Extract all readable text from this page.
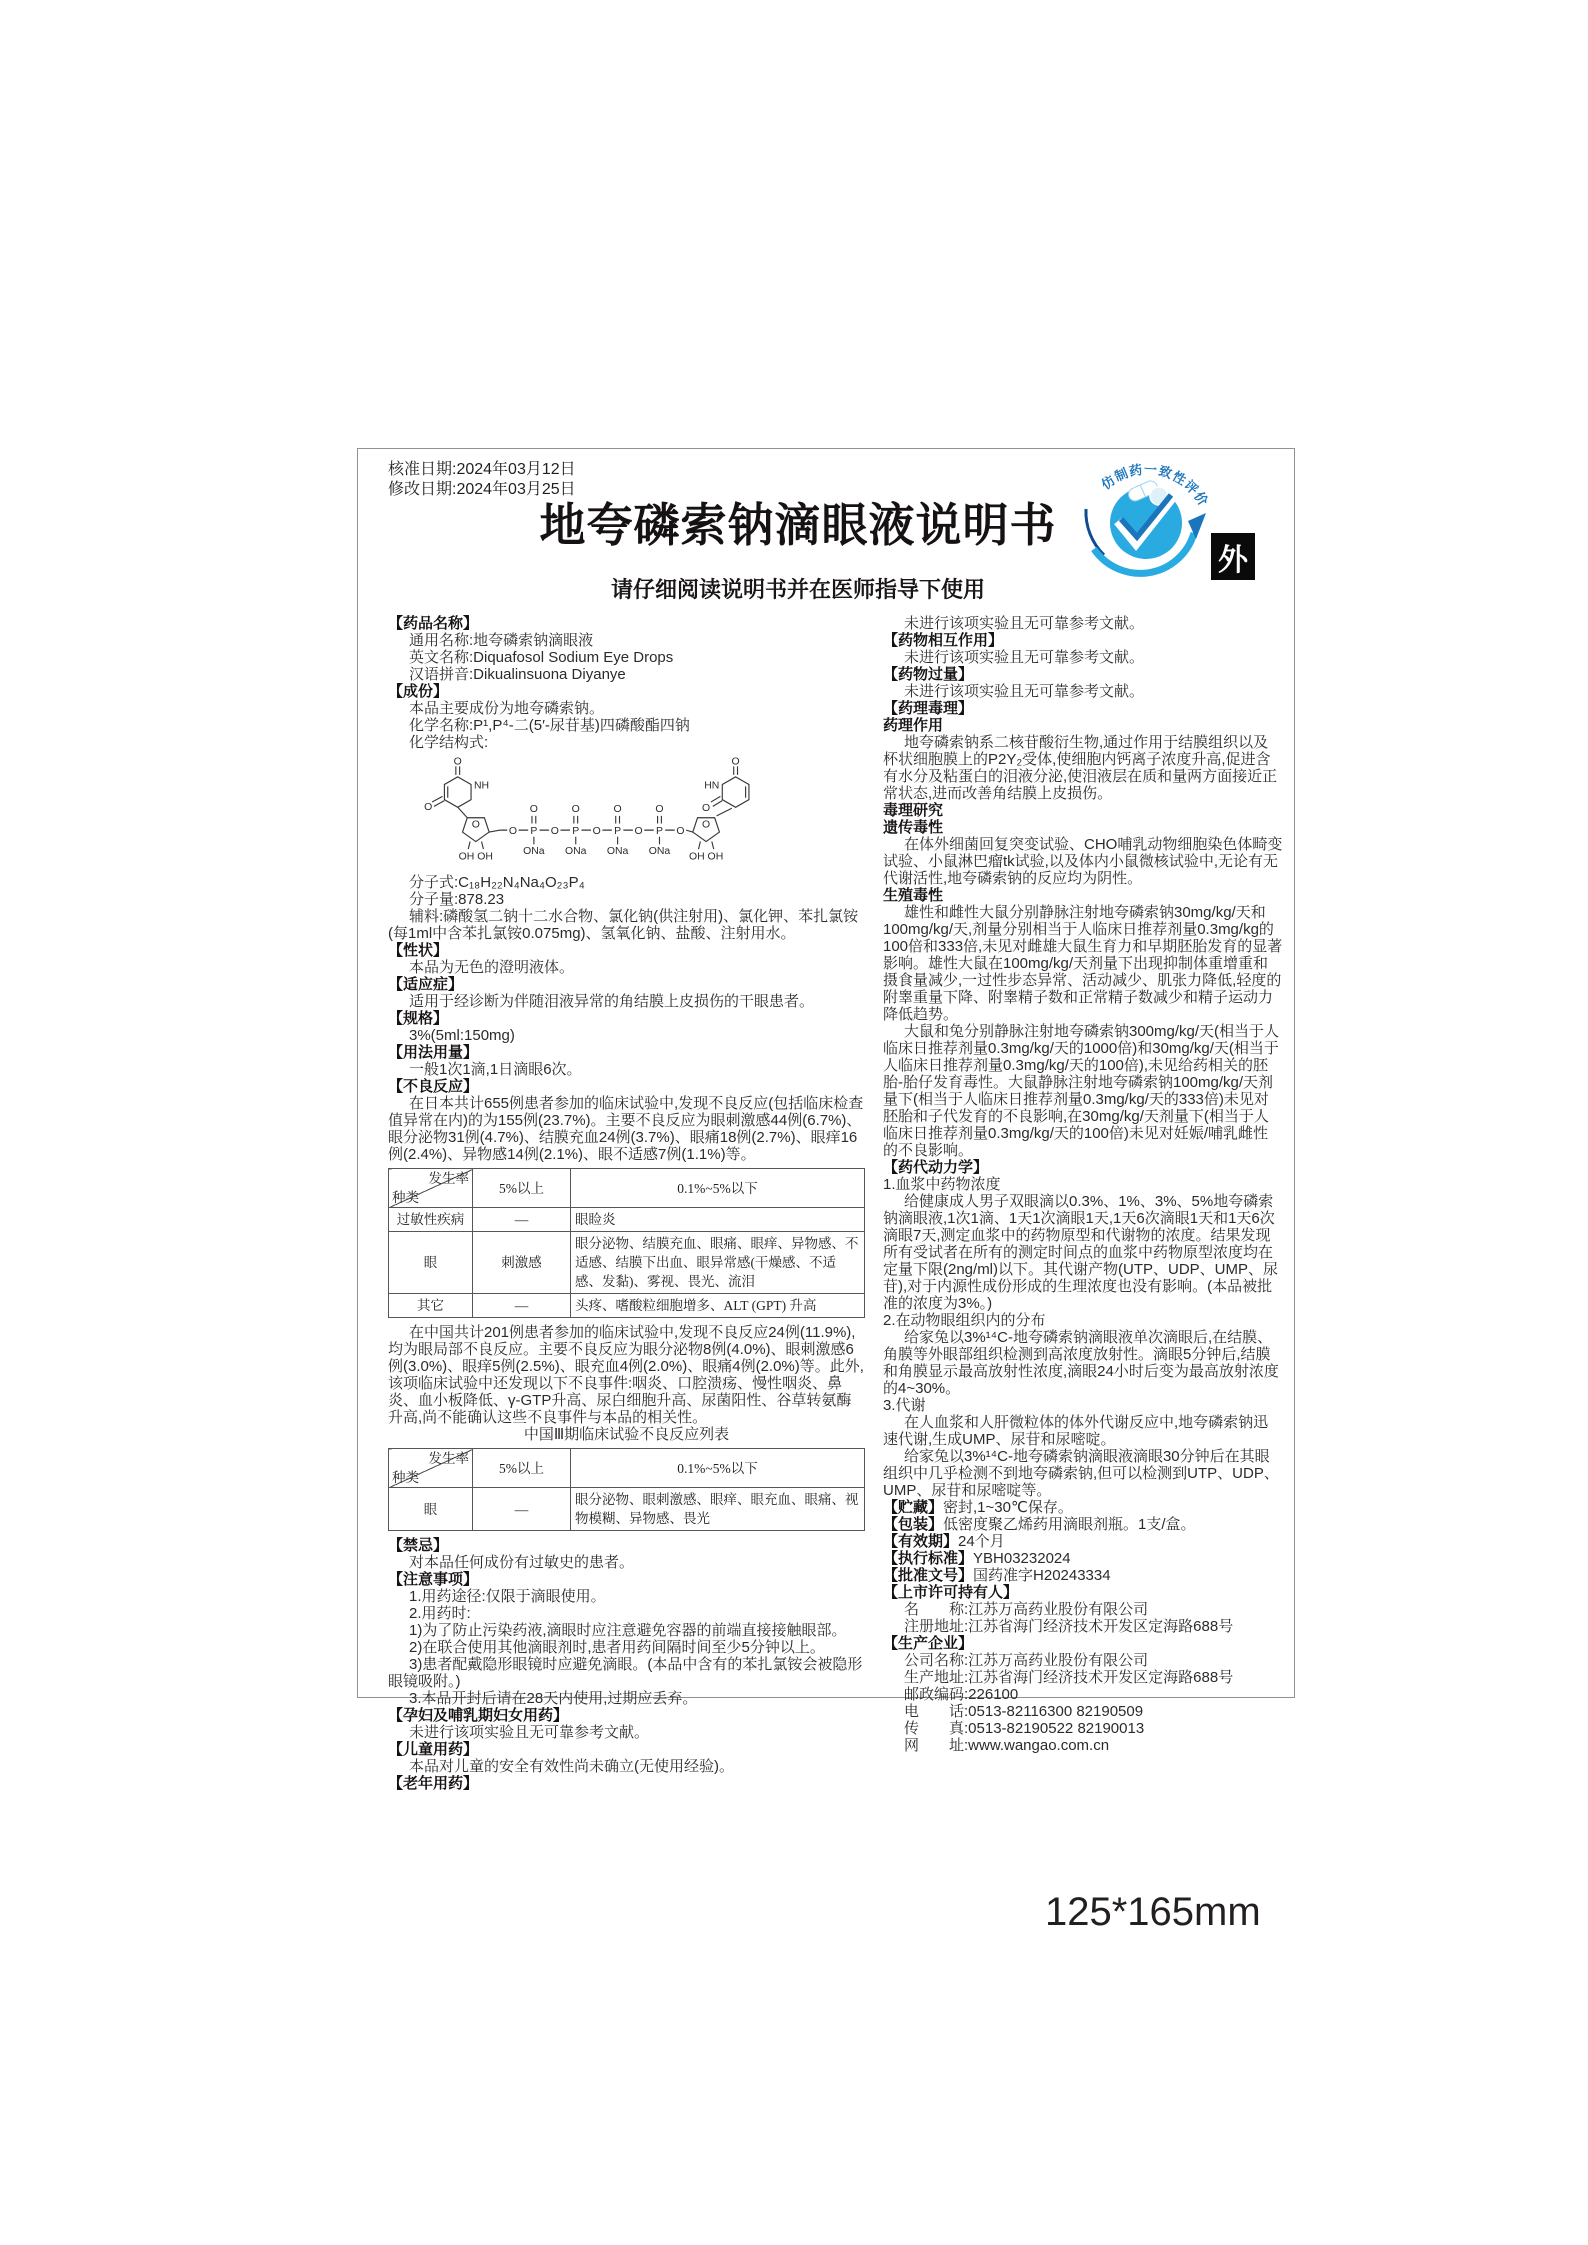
核准日期:2024年03月12日
修改日期:2024年03月25日
地夸磷索钠滴眼液说明书
请仔细阅读说明书并在医师指导下使用
仿制药一致性评价
外
【药品名称】

通用名称:地夸磷索钠滴眼液

英文名称:Diquafosol Sodium Eye Drops

汉语拼音:Dikualinsuona Diyanye

【成份】

本品主要成份为地夸磷索钠。

化学名称:P¹,P⁴-二(5′-尿苷基)四磷酸酯四钠

化学结构式:

O
NH
O
O
OH OH
O P
O
ONa
O P
O
ONa
O P
O
ONa
O P
O
ONa
O
O
OH OH
O
HN
O

分子式:C₁₈H₂₂N₄Na₄O₂₃P₄

分子量:878.23

辅料:磷酸氢二钠十二水合物、氯化钠(供注射用)、氯化钾、苯扎氯铵(每1ml中含苯扎氯铵0.075mg)、氢氧化钠、盐酸、注射用水。

【性状】

本品为无色的澄明液体。

【适应症】

适用于经诊断为伴随泪液异常的角结膜上皮损伤的干眼患者。

【规格】

3%(5ml:150mg)

【用法用量】

一般1次1滴,1日滴眼6次。

【不良反应】

在日本共计655例患者参加的临床试验中,发现不良反应(包括临床检查值异常在内)的为155例(23.7%)。主要不良反应为眼刺激感44例(6.7%)、眼分泌物31例(4.7%)、结膜充血24例(3.7%)、眼痛18例(2.7%)、眼痒16例(2.4%)、异物感14例(2.1%)、眼不适感7例(1.1%)等。

发生率
种类	5%以上	0.1%~5%以下
过敏性疾病	—	眼睑炎
眼	刺激感	眼分泌物、结膜充血、眼痛、眼痒、异物感、不适感、结膜下出血、眼异常感(干燥感、不适感、发黏)、雾视、畏光、流泪
其它	—	头疼、嗜酸粒细胞增多、ALT (GPT) 升高

在中国共计201例患者参加的临床试验中,发现不良反应24例(11.9%),均为眼局部不良反应。主要不良反应为眼分泌物8例(4.0%)、眼刺激感6例(3.0%)、眼痒5例(2.5%)、眼充血4例(2.0%)、眼痛4例(2.0%)等。此外,该项临床试验中还发现以下不良事件:咽炎、口腔溃疡、慢性咽炎、鼻炎、血小板降低、γ-GTP升高、尿白细胞升高、尿菌阳性、谷草转氨酶升高,尚不能确认这些不良事件与本品的相关性。

中国Ⅲ期临床试验不良反应列表

发生率
种类	5%以上	0.1%~5%以下
眼	—	眼分泌物、眼刺激感、眼痒、眼充血、眼痛、视物模糊、异物感、畏光
【禁忌】

对本品任何成份有过敏史的患者。

【注意事项】

1.用药途径:仅限于滴眼使用。

2.用药时:

1)为了防止污染药液,滴眼时应注意避免容器的前端直接接触眼部。

2)在联合使用其他滴眼剂时,患者用药间隔时间至少5分钟以上。

3)患者配戴隐形眼镜时应避免滴眼。(本品中含有的苯扎氯铵会被隐形眼镜吸附。)

3.本品开封后请在28天内使用,过期应丢弃。

【孕妇及哺乳期妇女用药】

未进行该项实验且无可靠参考文献。

【儿童用药】

本品对儿童的安全有效性尚未确立(无使用经验)。

【老年用药】

未进行该项实验且无可靠参考文献。

【药物相互作用】

未进行该项实验且无可靠参考文献。

【药物过量】

未进行该项实验且无可靠参考文献。

【药理毒理】

药理作用

地夸磷索钠系二核苷酸衍生物,通过作用于结膜组织以及杯状细胞膜上的P2Y₂受体,使细胞内钙离子浓度升高,促进含有水分及粘蛋白的泪液分泌,使泪液层在质和量两方面接近正常状态,进而改善角结膜上皮损伤。

毒理研究

遗传毒性

在体外细菌回复突变试验、CHO哺乳动物细胞染色体畸变试验、小鼠淋巴瘤tk试验,以及体内小鼠微核试验中,无论有无代谢活性,地夸磷索钠的反应均为阴性。

生殖毒性

雄性和雌性大鼠分别静脉注射地夸磷索钠30mg/kg/天和100mg/kg/天,剂量分别相当于人临床日推荐剂量0.3mg/kg的100倍和333倍,未见对雌雄大鼠生育力和早期胚胎发育的显著影响。雄性大鼠在100mg/kg/天剂量下出现抑制体重增重和摄食量减少,一过性步态异常、活动减少、肌张力降低,轻度的附睾重量下降、附睾精子数和正常精子数减少和精子运动力降低趋势。

大鼠和兔分别静脉注射地夸磷索钠300mg/kg/天(相当于人临床日推荐剂量0.3mg/kg/天的1000倍)和30mg/kg/天(相当于人临床日推荐剂量0.3mg/kg/天的100倍),未见给药相关的胚胎-胎仔发育毒性。大鼠静脉注射地夸磷索钠100mg/kg/天剂量下(相当于人临床日推荐剂量0.3mg/kg/天的333倍)未见对胚胎和子代发育的不良影响,在30mg/kg/天剂量下(相当于人临床日推荐剂量0.3mg/kg/天的100倍)未见对妊娠/哺乳雌性的不良影响。

【药代动力学】

1.血浆中药物浓度

给健康成人男子双眼滴以0.3%、1%、3%、5%地夸磷索钠滴眼液,1次1滴、1天1次滴眼1天,1天6次滴眼1天和1天6次滴眼7天,测定血浆中的药物原型和代谢物的浓度。结果发现所有受试者在所有的测定时间点的血浆中药物原型浓度均在定量下限(2ng/ml)以下。其代谢产物(UTP、UDP、UMP、尿苷),对于内源性成份形成的生理浓度也没有影响。(本品被批准的浓度为3%。)

2.在动物眼组织内的分布

给家兔以3%¹⁴C-地夸磷索钠滴眼液单次滴眼后,在结膜、角膜等外眼部组织检测到高浓度放射性。滴眼5分钟后,结膜和角膜显示最高放射性浓度,滴眼24小时后变为最高放射浓度的4~30%。

3.代谢

在人血浆和人肝微粒体的体外代谢反应中,地夸磷索钠迅速代谢,生成UMP、尿苷和尿嘧啶。

给家兔以3%¹⁴C-地夸磷索钠滴眼液滴眼30分钟后在其眼组织中几乎检测不到地夸磷索钠,但可以检测到UTP、UDP、UMP、尿苷和尿嘧啶等。

【贮藏】密封,1~30℃保存。

【包装】低密度聚乙烯药用滴眼剂瓶。1支/盒。

【有效期】24个月

【执行标准】YBH03232024

【批准文号】国药准字H20243334

【上市许可持有人】

名　　称:江苏万高药业股份有限公司

注册地址:江苏省海门经济技术开发区定海路688号

【生产企业】

公司名称:江苏万高药业股份有限公司

生产地址:江苏省海门经济技术开发区定海路688号

邮政编码:226100

电　　话:0513-82116300 82190509

传　　真:0513-82190522 82190013

网　　址:www.wangao.com.cn

125*165mm
